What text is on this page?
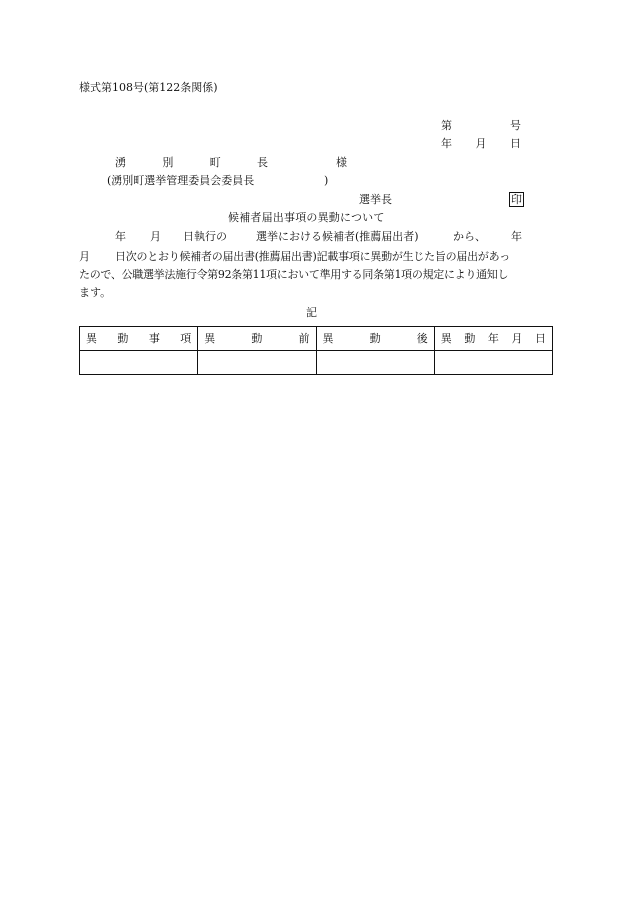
様式第108号(第122条関係)
第	号
年 月 日
湧	別	町	長	様
(湧別町選挙管理委員会委員長	)
選挙長	印
候補者届出事項の異動について
年 月 日執行の	選挙における候補者(推薦届出者)	から、 年
月 日次のとおり候補者の届出書(推薦届出書)記載事項に異動が生じた旨の届出があっ
たので、公職選挙法施行令第92条第11項において準用する同条第1項の規定により通知し
ます。
記
異 動 事 項	異 動 前	異 動 後	異 動 年 月 日
